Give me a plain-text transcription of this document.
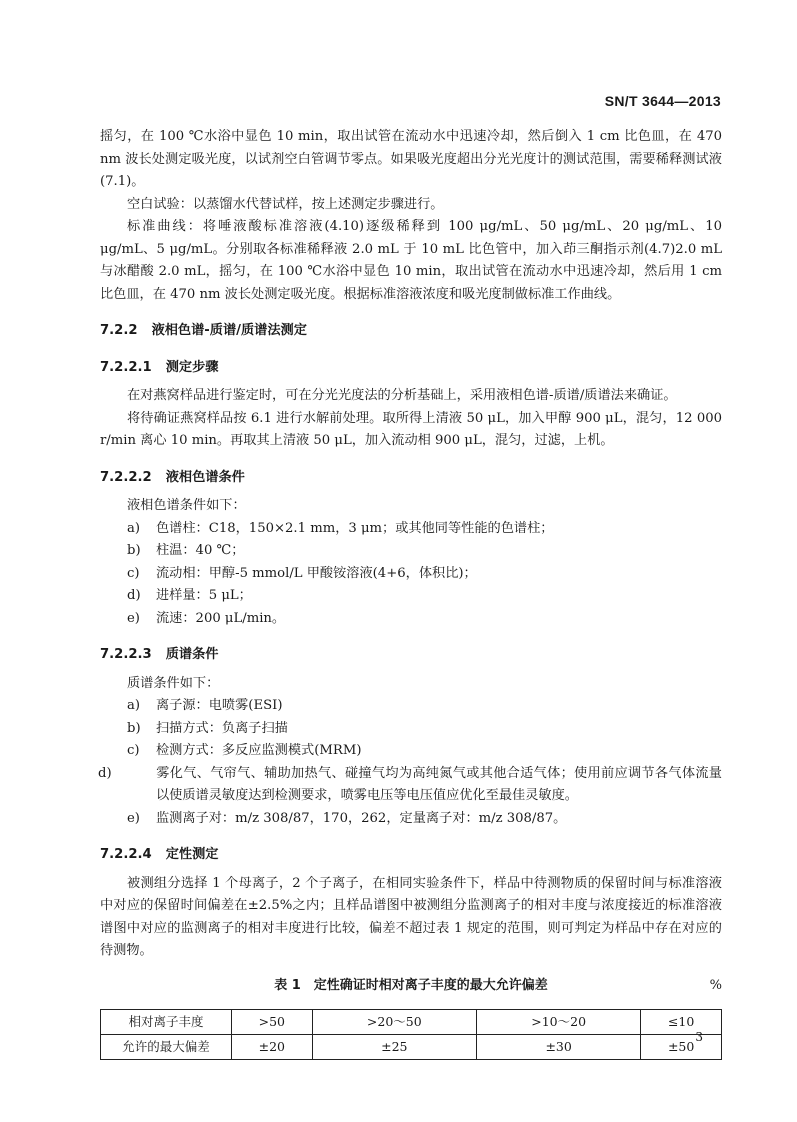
SN/T 3644—2013

摇匀，在 100 ℃水浴中显色 10 min，取出试管在流动水中迅速冷却，然后倒入 1 cm 比色皿，在 470 nm 波长处测定吸光度，以试剂空白管调节零点。如果吸光度超出分光光度计的测试范围，需要稀释测试液(7.1)。

空白试验：以蒸馏水代替试样，按上述测定步骤进行。

标准曲线：将唾液酸标准溶液(4.10)逐级稀释到 100 μg/mL、50 μg/mL、20 μg/mL、10 μg/mL、5 μg/mL。分别取各标准稀释液 2.0 mL 于 10 mL 比色管中，加入茚三酮指示剂(4.7)2.0 mL 与冰醋酸 2.0 mL，摇匀，在 100 ℃水浴中显色 10 min，取出试管在流动水中迅速冷却，然后用 1 cm 比色皿，在 470 nm 波长处测定吸光度。根据标准溶液浓度和吸光度制做标准工作曲线。

7.2.2 液相色谱-质谱/质谱法测定
7.2.2.1 测定步骤

在对燕窝样品进行鉴定时，可在分光光度法的分析基础上，采用液相色谱-质谱/质谱法来确证。

将待确证燕窝样品按 6.1 进行水解前处理。取所得上清液 50 μL，加入甲醇 900 μL，混匀，12 000 r/min 离心 10 min。再取其上清液 50 μL，加入流动相 900 μL，混匀，过滤，上机。

7.2.2.2 液相色谱条件

液相色谱条件如下：

a) 色谱柱：C18，150×2.1 mm，3 μm；或其他同等性能的色谱柱；

b) 柱温：40 ℃；

c) 流动相：甲醇-5 mmol/L 甲酸铵溶液(4+6，体积比)；

d) 进样量：5 μL；

e) 流速：200 μL/min。

7.2.2.3 质谱条件

质谱条件如下：

a) 离子源：电喷雾(ESI)

b) 扫描方式：负离子扫描

c) 检测方式：多反应监测模式(MRM)

d)	雾化气、气帘气、辅助加热气、碰撞气均为高纯氮气或其他合适气体；使用前应调节各气体流量以使质谱灵敏度达到检测要求，喷雾电压等电压值应优化至最佳灵敏度。

e) 监测离子对：m/z 308/87，170，262，定量离子对：m/z 308/87。

7.2.2.4 定性测定

被测组分选择 1 个母离子，2 个子离子，在相同实验条件下，样品中待测物质的保留时间与标准溶液中对应的保留时间偏差在±2.5%之内；且样品谱图中被测组分监测离子的相对丰度与浓度接近的标准溶液谱图中对应的监测离子的相对丰度进行比较，偏差不超过表 1 规定的范围，则可判定为样品中存在对应的待测物。

表 1　定性确证时相对离子丰度的最大允许偏差	%
相对离子丰度	>50	>20～50	>10～20	≤10
允许的最大偏差	±20	±25	±30	±50
3
